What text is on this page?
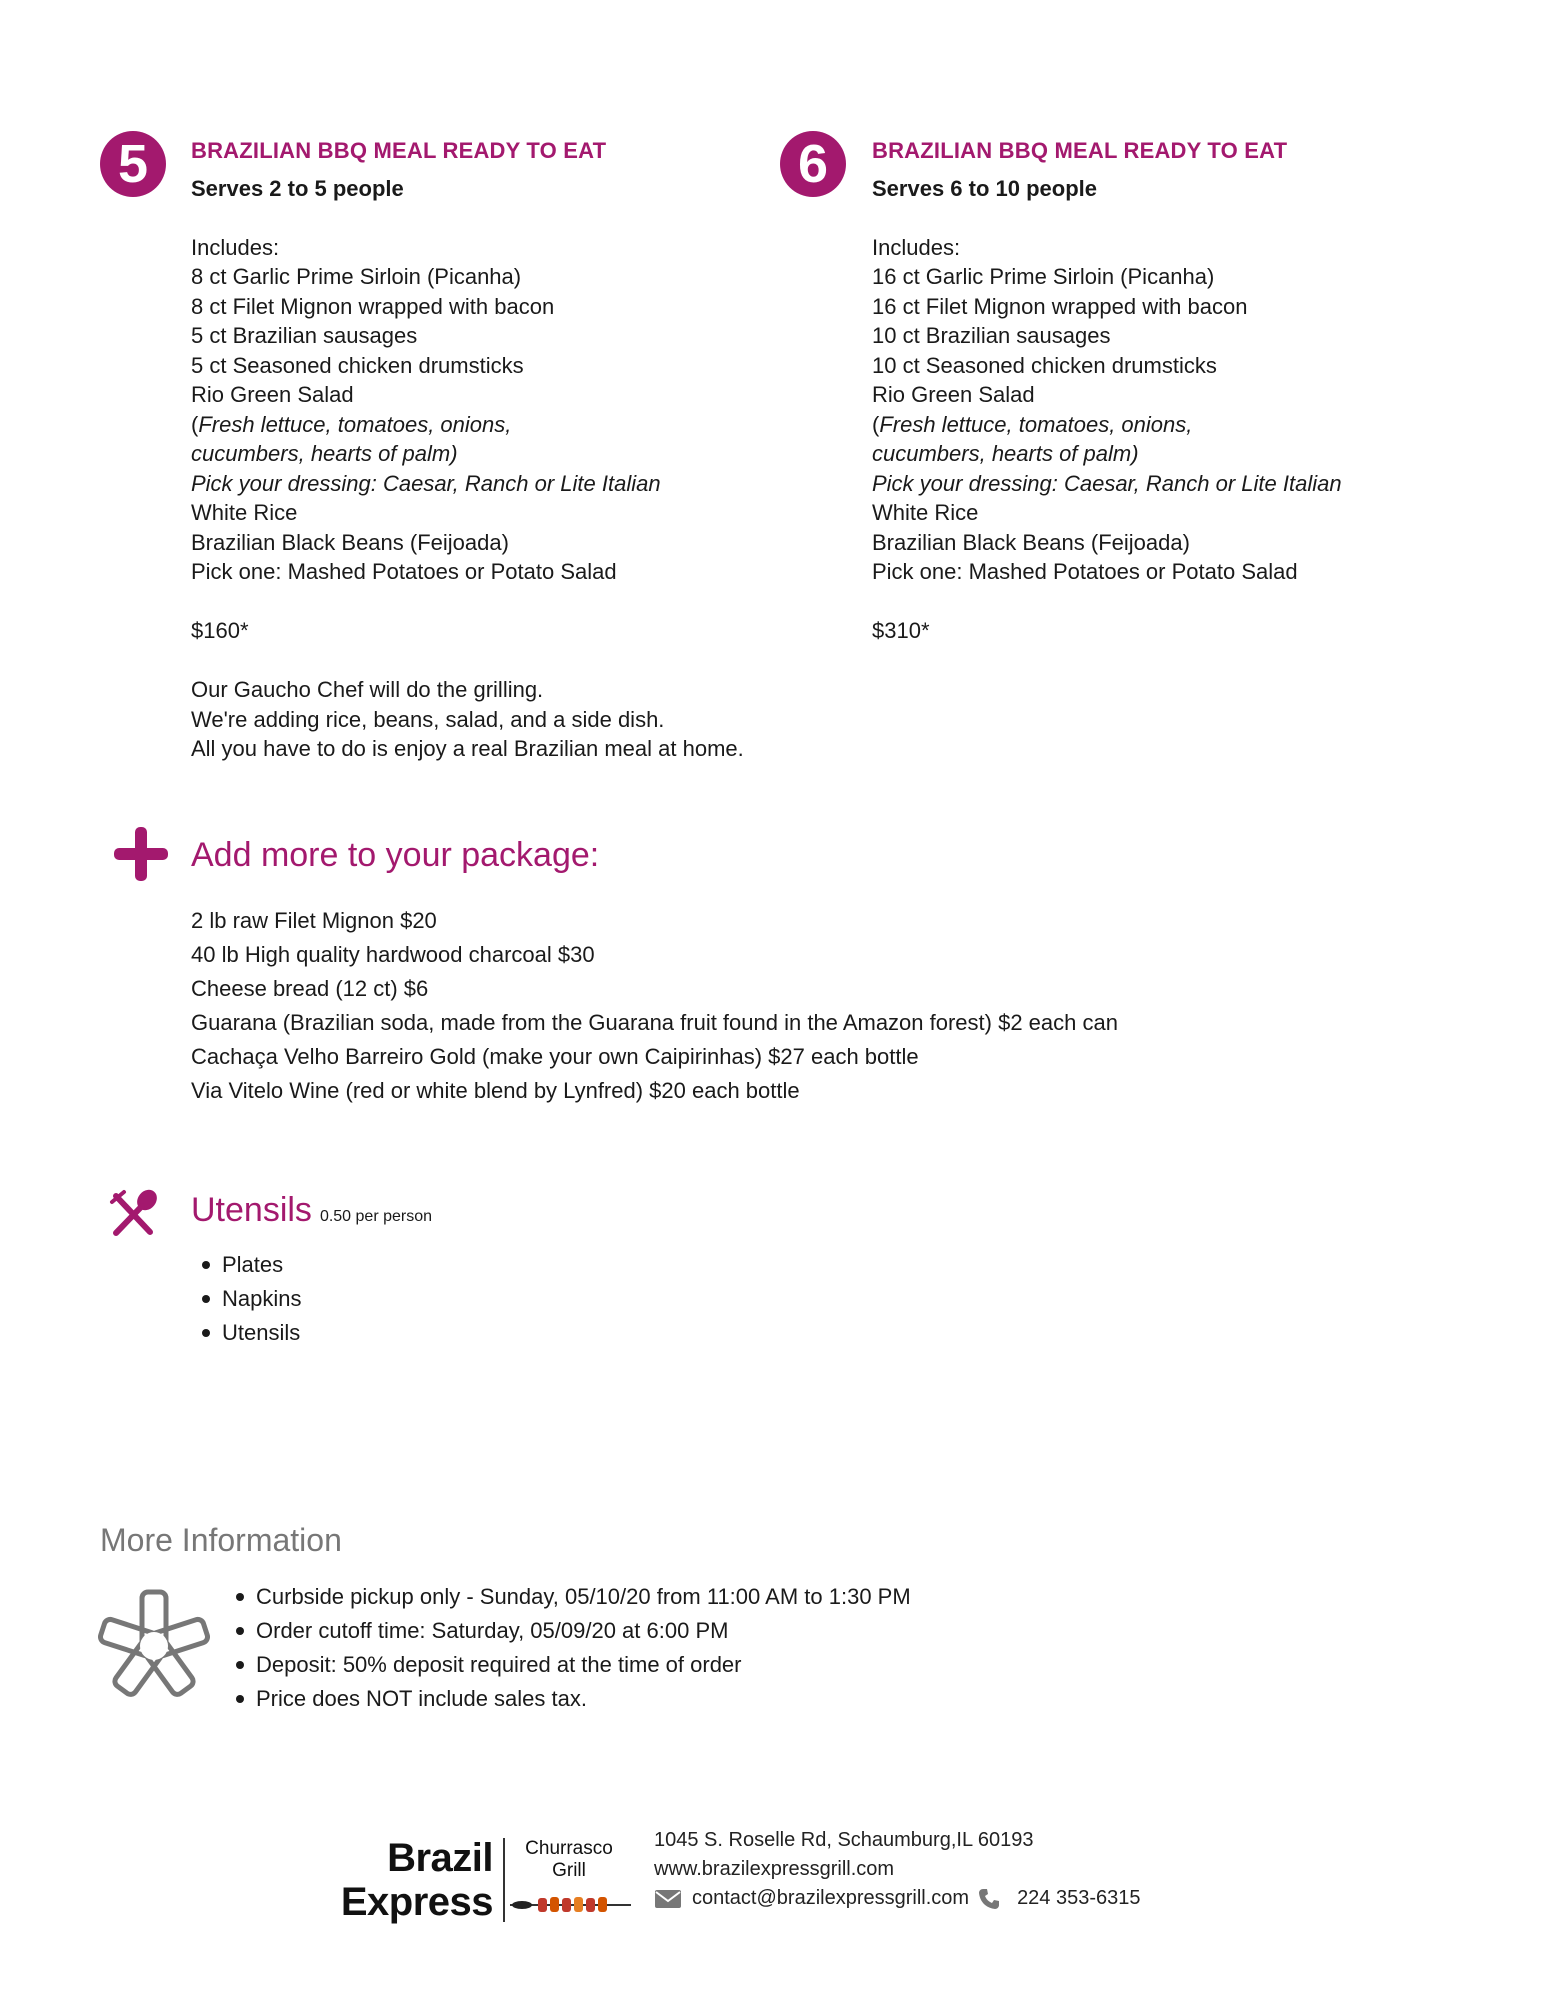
5 BRAZILIAN BBQ MEAL READY TO EAT
Serves 2 to 5 people
Includes:
8 ct Garlic Prime Sirloin (Picanha)
8 ct Filet Mignon wrapped with bacon
5 ct Brazilian sausages
5 ct Seasoned chicken drumsticks
Rio Green Salad
(Fresh lettuce, tomatoes, onions,
cucumbers, hearts of palm)
Pick your dressing: Caesar, Ranch or Lite Italian
White Rice
Brazilian Black Beans (Feijoada)
Pick one: Mashed Potatoes or Potato Salad
$160*
Our Gaucho Chef will do the grilling.
We're adding rice, beans, salad, and a side dish.
All you have to do is enjoy a real Brazilian meal at home.
6 BRAZILIAN BBQ MEAL READY TO EAT
Serves 6 to 10 people
Includes:
16 ct Garlic Prime Sirloin (Picanha)
16 ct Filet Mignon wrapped with bacon
10 ct Brazilian sausages
10 ct Seasoned chicken drumsticks
Rio Green Salad
(Fresh lettuce, tomatoes, onions,
cucumbers, hearts of palm)
Pick your dressing: Caesar, Ranch or Lite Italian
White Rice
Brazilian Black Beans (Feijoada)
Pick one: Mashed Potatoes or Potato Salad
$310*
Add more to your package:
2 lb raw Filet Mignon $20
40 lb High quality hardwood charcoal $30
Cheese bread (12 ct) $6
Guarana (Brazilian soda, made from the Guarana fruit found in the Amazon forest) $2 each can
Cachaça Velho Barreiro Gold (make your own Caipirinhas) $27 each bottle
Via Vitelo Wine (red or white blend by Lynfred) $20 each bottle
Utensils 0.50 per person
Plates
Napkins
Utensils
More Information
Curbside pickup only - Sunday, 05/10/20 from 11:00 AM to 1:30 PM
Order cutoff time: Saturday, 05/09/20 at 6:00 PM
Deposit: 50% deposit required at the time of order
Price does NOT include sales tax.
Brazil
Express
Churrasco
Grill
1045 S. Roselle Rd, Schaumburg,IL 60193
www.brazilexpressgrill.com
contact@brazilexpressgrill.com 224 353-6315
